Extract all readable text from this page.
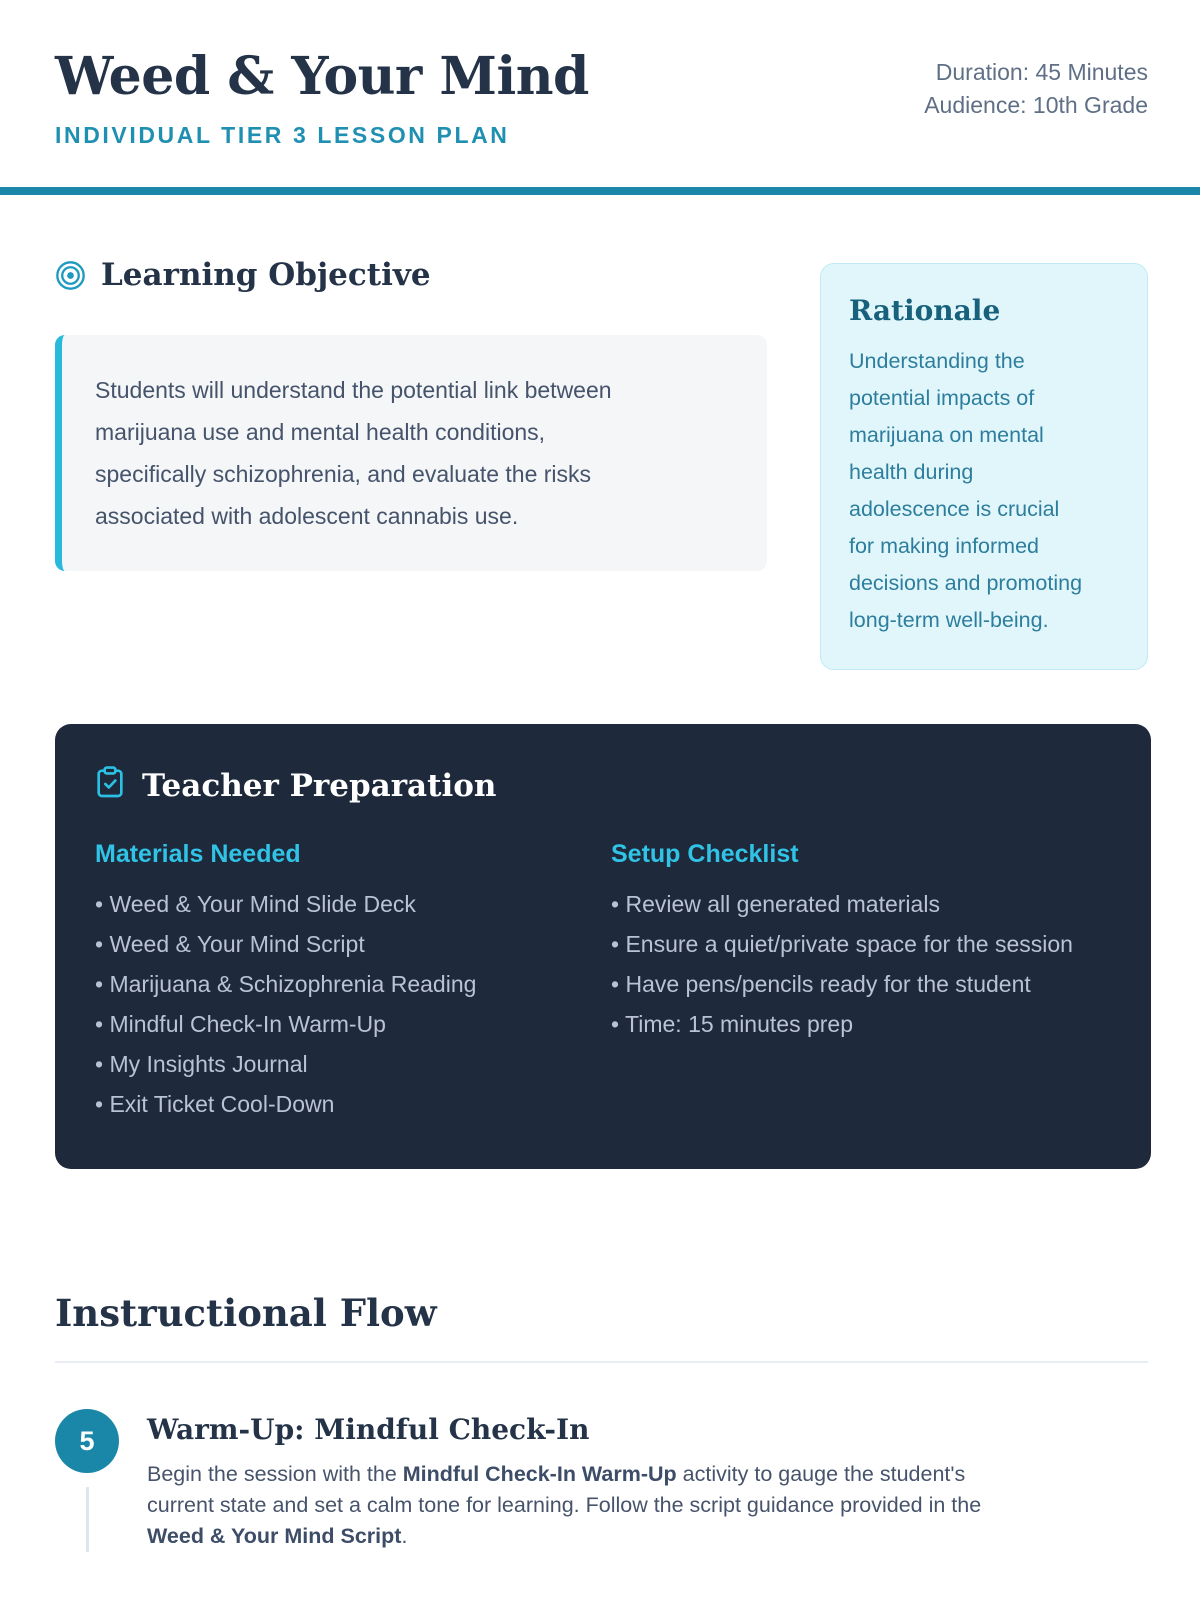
Weed & Your Mind
INDIVIDUAL TIER 3 LESSON PLAN
Duration: 45 Minutes
Audience: 10th Grade
Learning Objective

Students will understand the potential link between
marijuana use and mental health conditions,
specifically schizophrenia, and evaluate the risks
associated with adolescent cannabis use.

Rationale

Understanding the
potential impacts of
marijuana on mental
health during
adolescence is crucial
for making informed
decisions and promoting
long-term well-being.

Teacher Preparation
Materials Needed
• Weed & Your Mind Slide Deck
• Weed & Your Mind Script
• Marijuana & Schizophrenia Reading
• Mindful Check-In Warm-Up
• My Insights Journal
• Exit Ticket Cool-Down
Setup Checklist
• Review all generated materials
• Ensure a quiet/private space for the session
• Have pens/pencils ready for the student
• Time: 15 minutes prep
Instructional Flow
5	Warm-Up: Mindful Check-In

Begin the session with the Mindful Check-In Warm-Up activity to gauge the student's
current state and set a calm tone for learning. Follow the script guidance provided in the
Weed & Your Mind Script.
